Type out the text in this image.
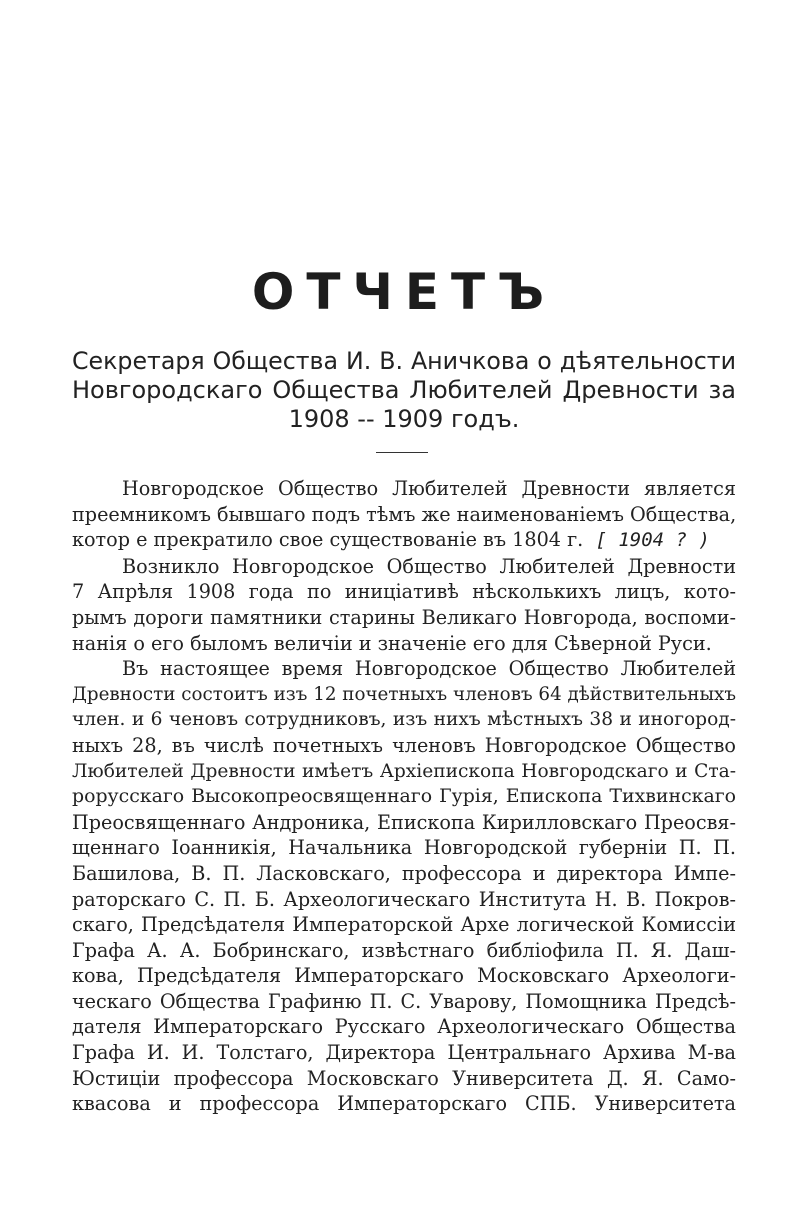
ОТЧЕТЪ
Секретаря Общества И. В. Аничкова о дѣятельности
Новгородскаго Общества Любителей Древности за
1908 -- 1909 годъ.
Новгородское Общество Любителей Древности является
преемникомъ бывшаго подъ тѣмъ же наименованіемъ Общества,
котор е прекратило свое существованіе въ 1804 г. [ 1904 ? )
Возникло Новгородское Общество Любителей Древности
7 Апрѣля 1908 года по иниціативѣ нѣсколькихъ лицъ, кото-
рымъ дороги памятники старины Великаго Новгорода, воспоми-
нанія о его быломъ величіи и значеніе его для Сѣверной Руси.
Въ настоящее время Новгородское Общество Любителей
Древности состоитъ изъ 12 почетныхъ членовъ 64 дѣйствительныхъ
член. и 6 ченовъ сотрудниковъ, изъ нихъ мѣстныхъ 38 и иногород-
ныхъ 28, въ числѣ почетныхъ членовъ Новгородское Общество
Любителей Древности имѣетъ Архіепископа Новгородскаго и Ста-
рорусскаго Высокопреосвященнаго Гурія, Епископа Тихвинскаго
Преосвященнаго Андроника, Епископа Кирилловскаго Преосвя-
щеннаго Іоанникія, Начальника Новгородской губерніи П. П.
Башилова, В. П. Ласковскаго, профессора и директора Импе-
раторскаго С. П. Б. Археологическаго Института Н. В. Покров-
скаго, Предсѣдателя Императорской Архе логической Комиссіи
Графа А. А. Бобринскаго, извѣстнаго библіофила П. Я. Дaш-
кова, Предсѣдателя Императорскаго Московскаго Археологи-
ческаго Общества Графиню П. С. Уварову, Помощника Предсѣ-
дателя Императорскаго Русскаго Археологическаго Общества
Графа И. И. Толстаго, Директора Центральнаго Архива М-ва
Юстиціи профессора Московскаго Университета Д. Я. Само-
квасова и профессора Императорскаго СПБ. Университета
